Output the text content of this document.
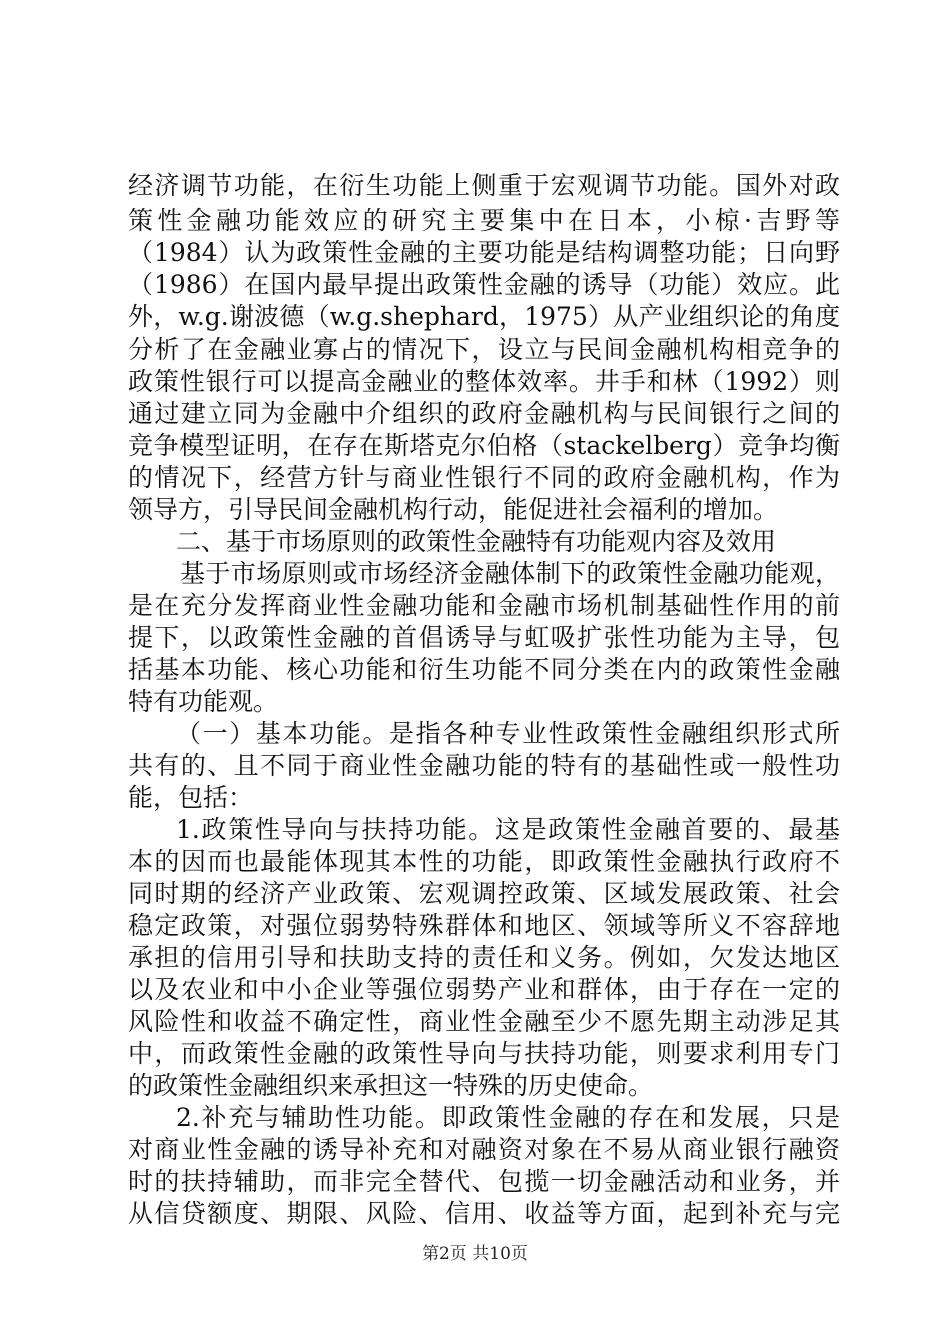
经济调节功能，在衍生功能上侧重于宏观调节功能。国外对政
策性金融功能效应的研究主要集中在日本，小椋·吉野等
（1984）认为政策性金融的主要功能是结构调整功能；日向野
（1986）在国内最早提出政策性金融的诱导（功能）效应。此
外，w.g.谢波德（w.g.shephard，1975）从产业组织论的角度
分析了在金融业寡占的情况下，设立与民间金融机构相竞争的
政策性银行可以提高金融业的整体效率。井手和林（1992）则
通过建立同为金融中介组织的政府金融机构与民间银行之间的
竞争模型证明，在存在斯塔克尔伯格（stackelberg）竞争均衡
的情况下，经营方针与商业性银行不同的政府金融机构，作为
领导方，引导民间金融机构行动，能促进社会福利的增加。
二、基于市场原则的政策性金融特有功能观内容及效用
基于市场原则或市场经济金融体制下的政策性金融功能观，
是在充分发挥商业性金融功能和金融市场机制基础性作用的前
提下，以政策性金融的首倡诱导与虹吸扩张性功能为主导，包
括基本功能、核心功能和衍生功能不同分类在内的政策性金融
特有功能观。
（一）基本功能。是指各种专业性政策性金融组织形式所
共有的、且不同于商业性金融功能的特有的基础性或一般性功
能，包括：
1.政策性导向与扶持功能。这是政策性金融首要的、最基
本的因而也最能体现其本性的功能，即政策性金融执行政府不
同时期的经济产业政策、宏观调控政策、区域发展政策、社会
稳定政策，对强位弱势特殊群体和地区、领域等所义不容辞地
承担的信用引导和扶助支持的责任和义务。例如，欠发达地区
以及农业和中小企业等强位弱势产业和群体，由于存在一定的
风险性和收益不确定性，商业性金融至少不愿先期主动涉足其
中，而政策性金融的政策性导向与扶持功能，则要求利用专门
的政策性金融组织来承担这一特殊的历史使命。
2.补充与辅助性功能。即政策性金融的存在和发展，只是
对商业性金融的诱导补充和对融资对象在不易从商业银行融资
时的扶持辅助，而非完全替代、包揽一切金融活动和业务，并
从信贷额度、期限、风险、信用、收益等方面，起到补充与完
第2页 共10页
